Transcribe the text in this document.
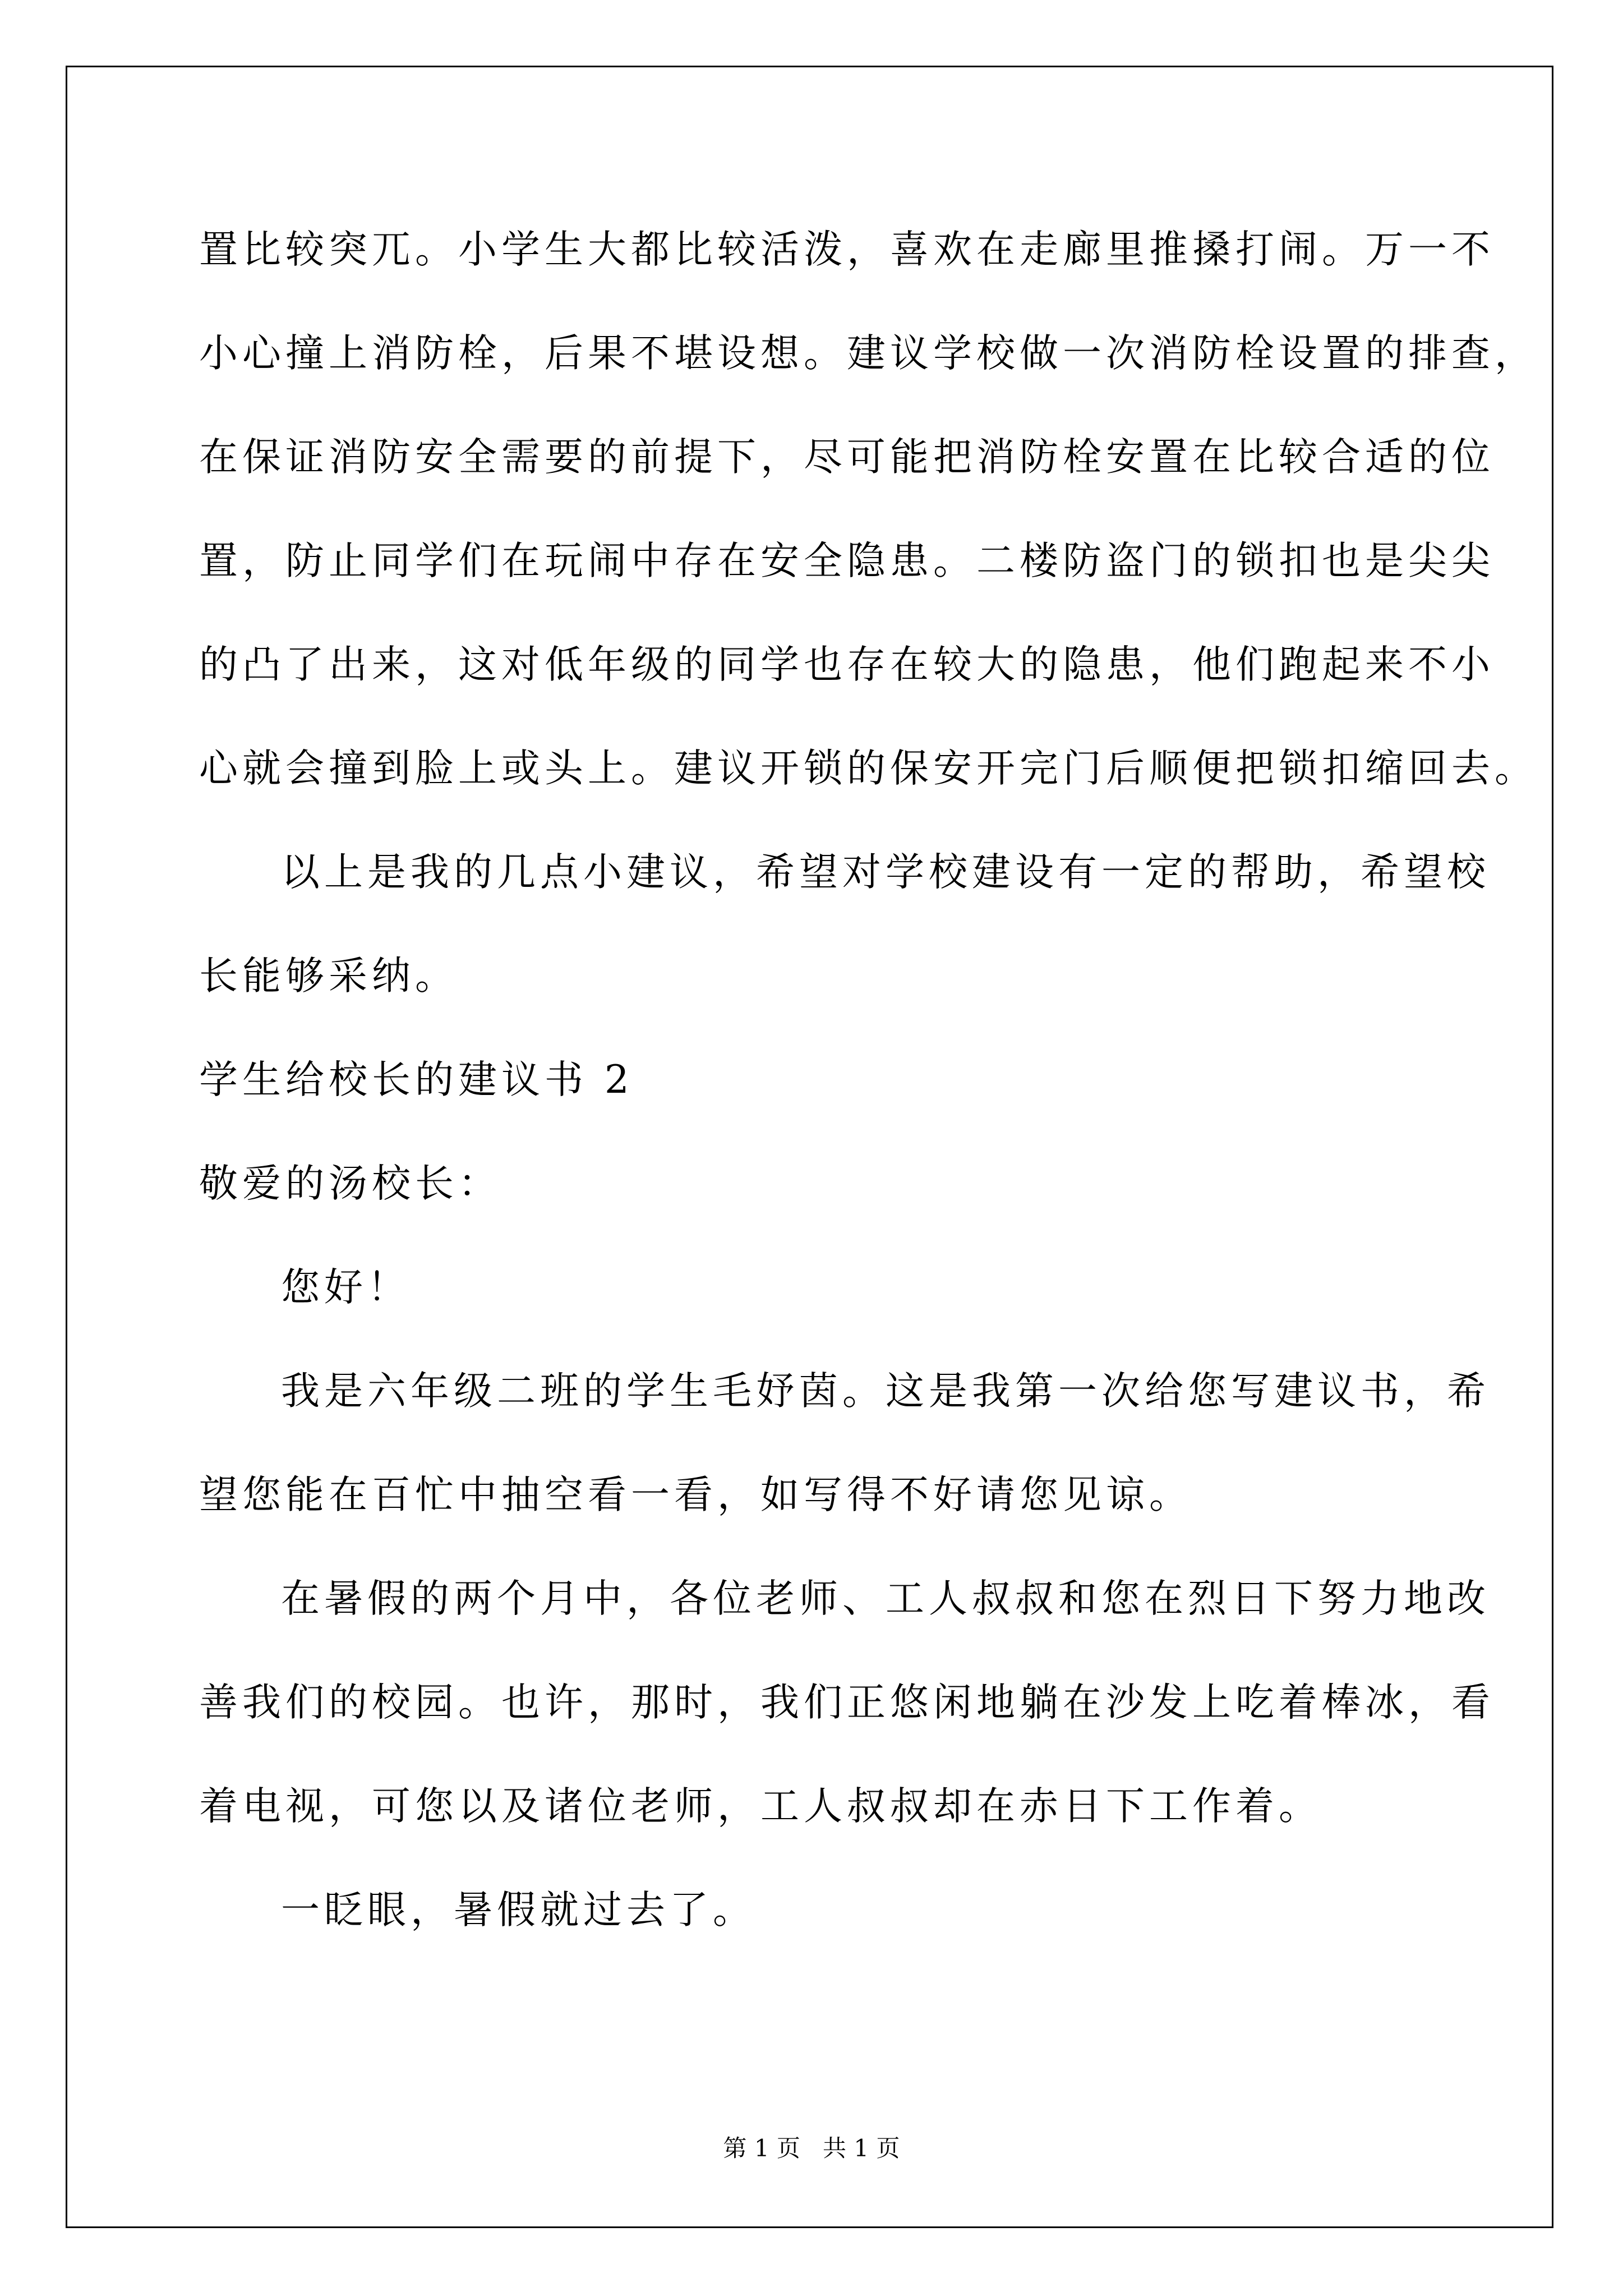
置比较突兀。小学生大都比较活泼，喜欢在走廊里推搡打闹。万一不
小心撞上消防栓，后果不堪设想。建议学校做一次消防栓设置的排查，
在保证消防安全需要的前提下，尽可能把消防栓安置在比较合适的位
置，防止同学们在玩闹中存在安全隐患。二楼防盗门的锁扣也是尖尖
的凸了出来，这对低年级的同学也存在较大的隐患，他们跑起来不小
心就会撞到脸上或头上。建议开锁的保安开完门后顺便把锁扣缩回去。
以上是我的几点小建议，希望对学校建设有一定的帮助，希望校
长能够采纳。
学生给校长的建议书 2
敬爱的汤校长：
您好！
我是六年级二班的学生毛妤茵。这是我第一次给您写建议书，希
望您能在百忙中抽空看一看，如写得不好请您见谅。
在暑假的两个月中，各位老师、工人叔叔和您在烈日下努力地改
善我们的校园。也许，那时，我们正悠闲地躺在沙发上吃着棒冰，看
着电视，可您以及诸位老师，工人叔叔却在赤日下工作着。
一眨眼，暑假就过去了。
第 1 页   共 1 页
